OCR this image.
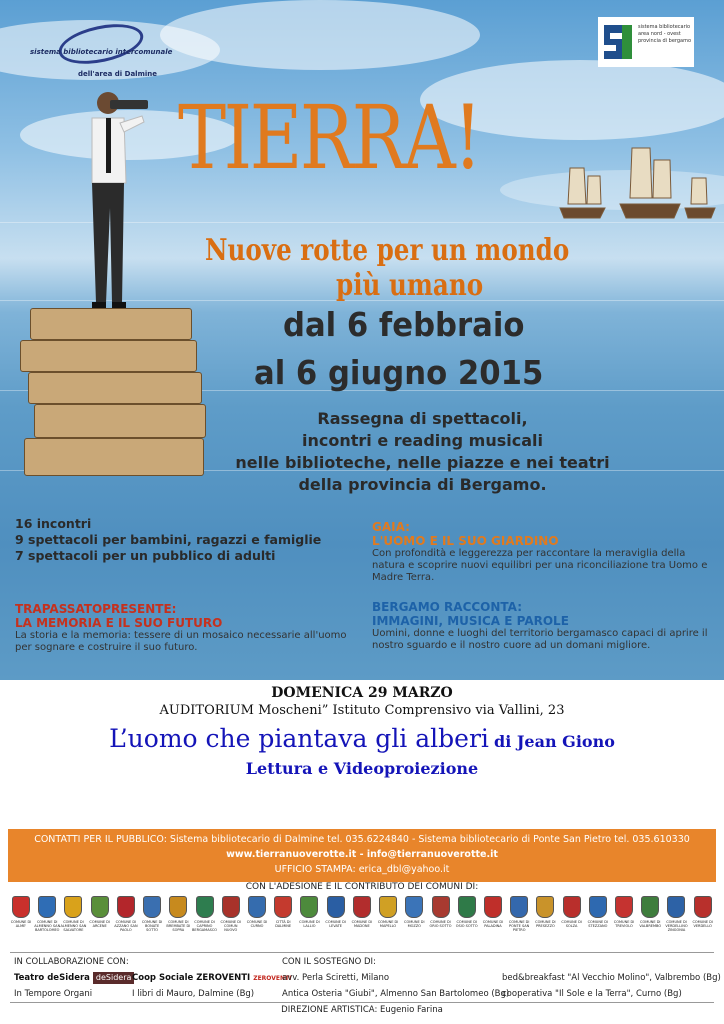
sistema bibliotecario intercomunale
dell'area di Dalmine
sistema bibliotecario
area nord - ovest
provincia di bergamo
TIERRA!
Nuove rotte per un mondo
più umano
dal 6 febbraio
al 6 giugno 2015
Rassegna di spettacoli,
incontri e reading musicali
nelle biblioteche, nelle piazze e nei teatri
della provincia di Bergamo.
16 incontri
9 spettacoli per bambini, ragazzi e famiglie
7 spettacoli per un pubblico di adulti
GAIA:
L'UOMO E IL SUO GIARDINO
Con profondità e leggerezza per raccontare la meraviglia della natura e scoprire nuovi equilibri per una riconciliazione tra Uomo e Madre Terra.
TRAPASSATOPRESENTE:
LA MEMORIA E IL SUO FUTURO
La storia e la memoria: tessere di un mosaico necessarie all'uomo per sognare e costruire il suo futuro.
BERGAMO RACCONTA:
IMMAGINI, MUSICA E PAROLE
Uomini, donne e luoghi del territorio bergamasco capaci di aprire il nostro sguardo e il nostro cuore ad un domani migliore.
DOMENICA 29 MARZO
AUDITORIUM Moscheni” Istituto Comprensivo via Vallini, 23
L’uomo che piantava gli alberi di Jean Giono
Lettura e Videoproiezione
CONTATTI PER IL PUBBLICO: Sistema bibliotecario di Dalmine tel. 035.6224840 - Sistema bibliotecario di Ponte San Pietro tel. 035.610330
www.tierranuoverotte.it - info@tierranuoverotte.it
UFFICIO STAMPA: erica_dbl@yahoo.it
CON L'ADESIONE E IL CONTRIBUTO DEI COMUNI DI:
COMUNE DI ALME'
COMUNE DI ALMENNO SAN BARTOLOMEO
COMUNE DI ALMENNO SAN SALVATORE
COMUNE DI ARCENE
COMUNE DI AZZANO SAN PAOLO
COMUNE DI BONATE SOTTO
COMUNE DI BREMBATE DI SOPRA
COMUNE DI CAPRINO BERGAMASCO
COMUNE DI COMUN NUOVO
COMUNE DI CURNO
CITTÀ DI DALMINE
COMUNE DI LALLIO
COMUNE DI LEVATE
COMUNE DI MADONE
COMUNE DI MAPELLO
COMUNE DI MOZZO
COMUNE DI ORIO SOTTO
COMUNE DI OSIO SOTTO
COMUNE DI PALADINA
COMUNE DI PONTE SAN PIETRO
COMUNE DI PRESEZZO
COMUNE DI SOLZA
COMUNE DI STEZZANO
COMUNE DI TREVIOLO
COMUNE DI VALBREMBO
COMUNE DI VERDELLINO ZINGONIA
COMUNE DI VERDELLO
IN COLLABORAZIONE CON:
Teatro deSidera deSidera
In Tempore Organi
Coop Sociale ZEROVENTI ZEROVENTI
I libri di Mauro, Dalmine (Bg)
CON IL SOSTEGNO DI:
avv. Perla Sciretti, Milano
Antica Osteria "Giubi", Almenno San Bartolomeo (Bg)
bed&breakfast "Al Vecchio Molino", Valbrembo (Bg)
cooperativa "Il Sole e la Terra", Curno (Bg)
DIREZIONE ARTISTICA: Eugenio Farina
